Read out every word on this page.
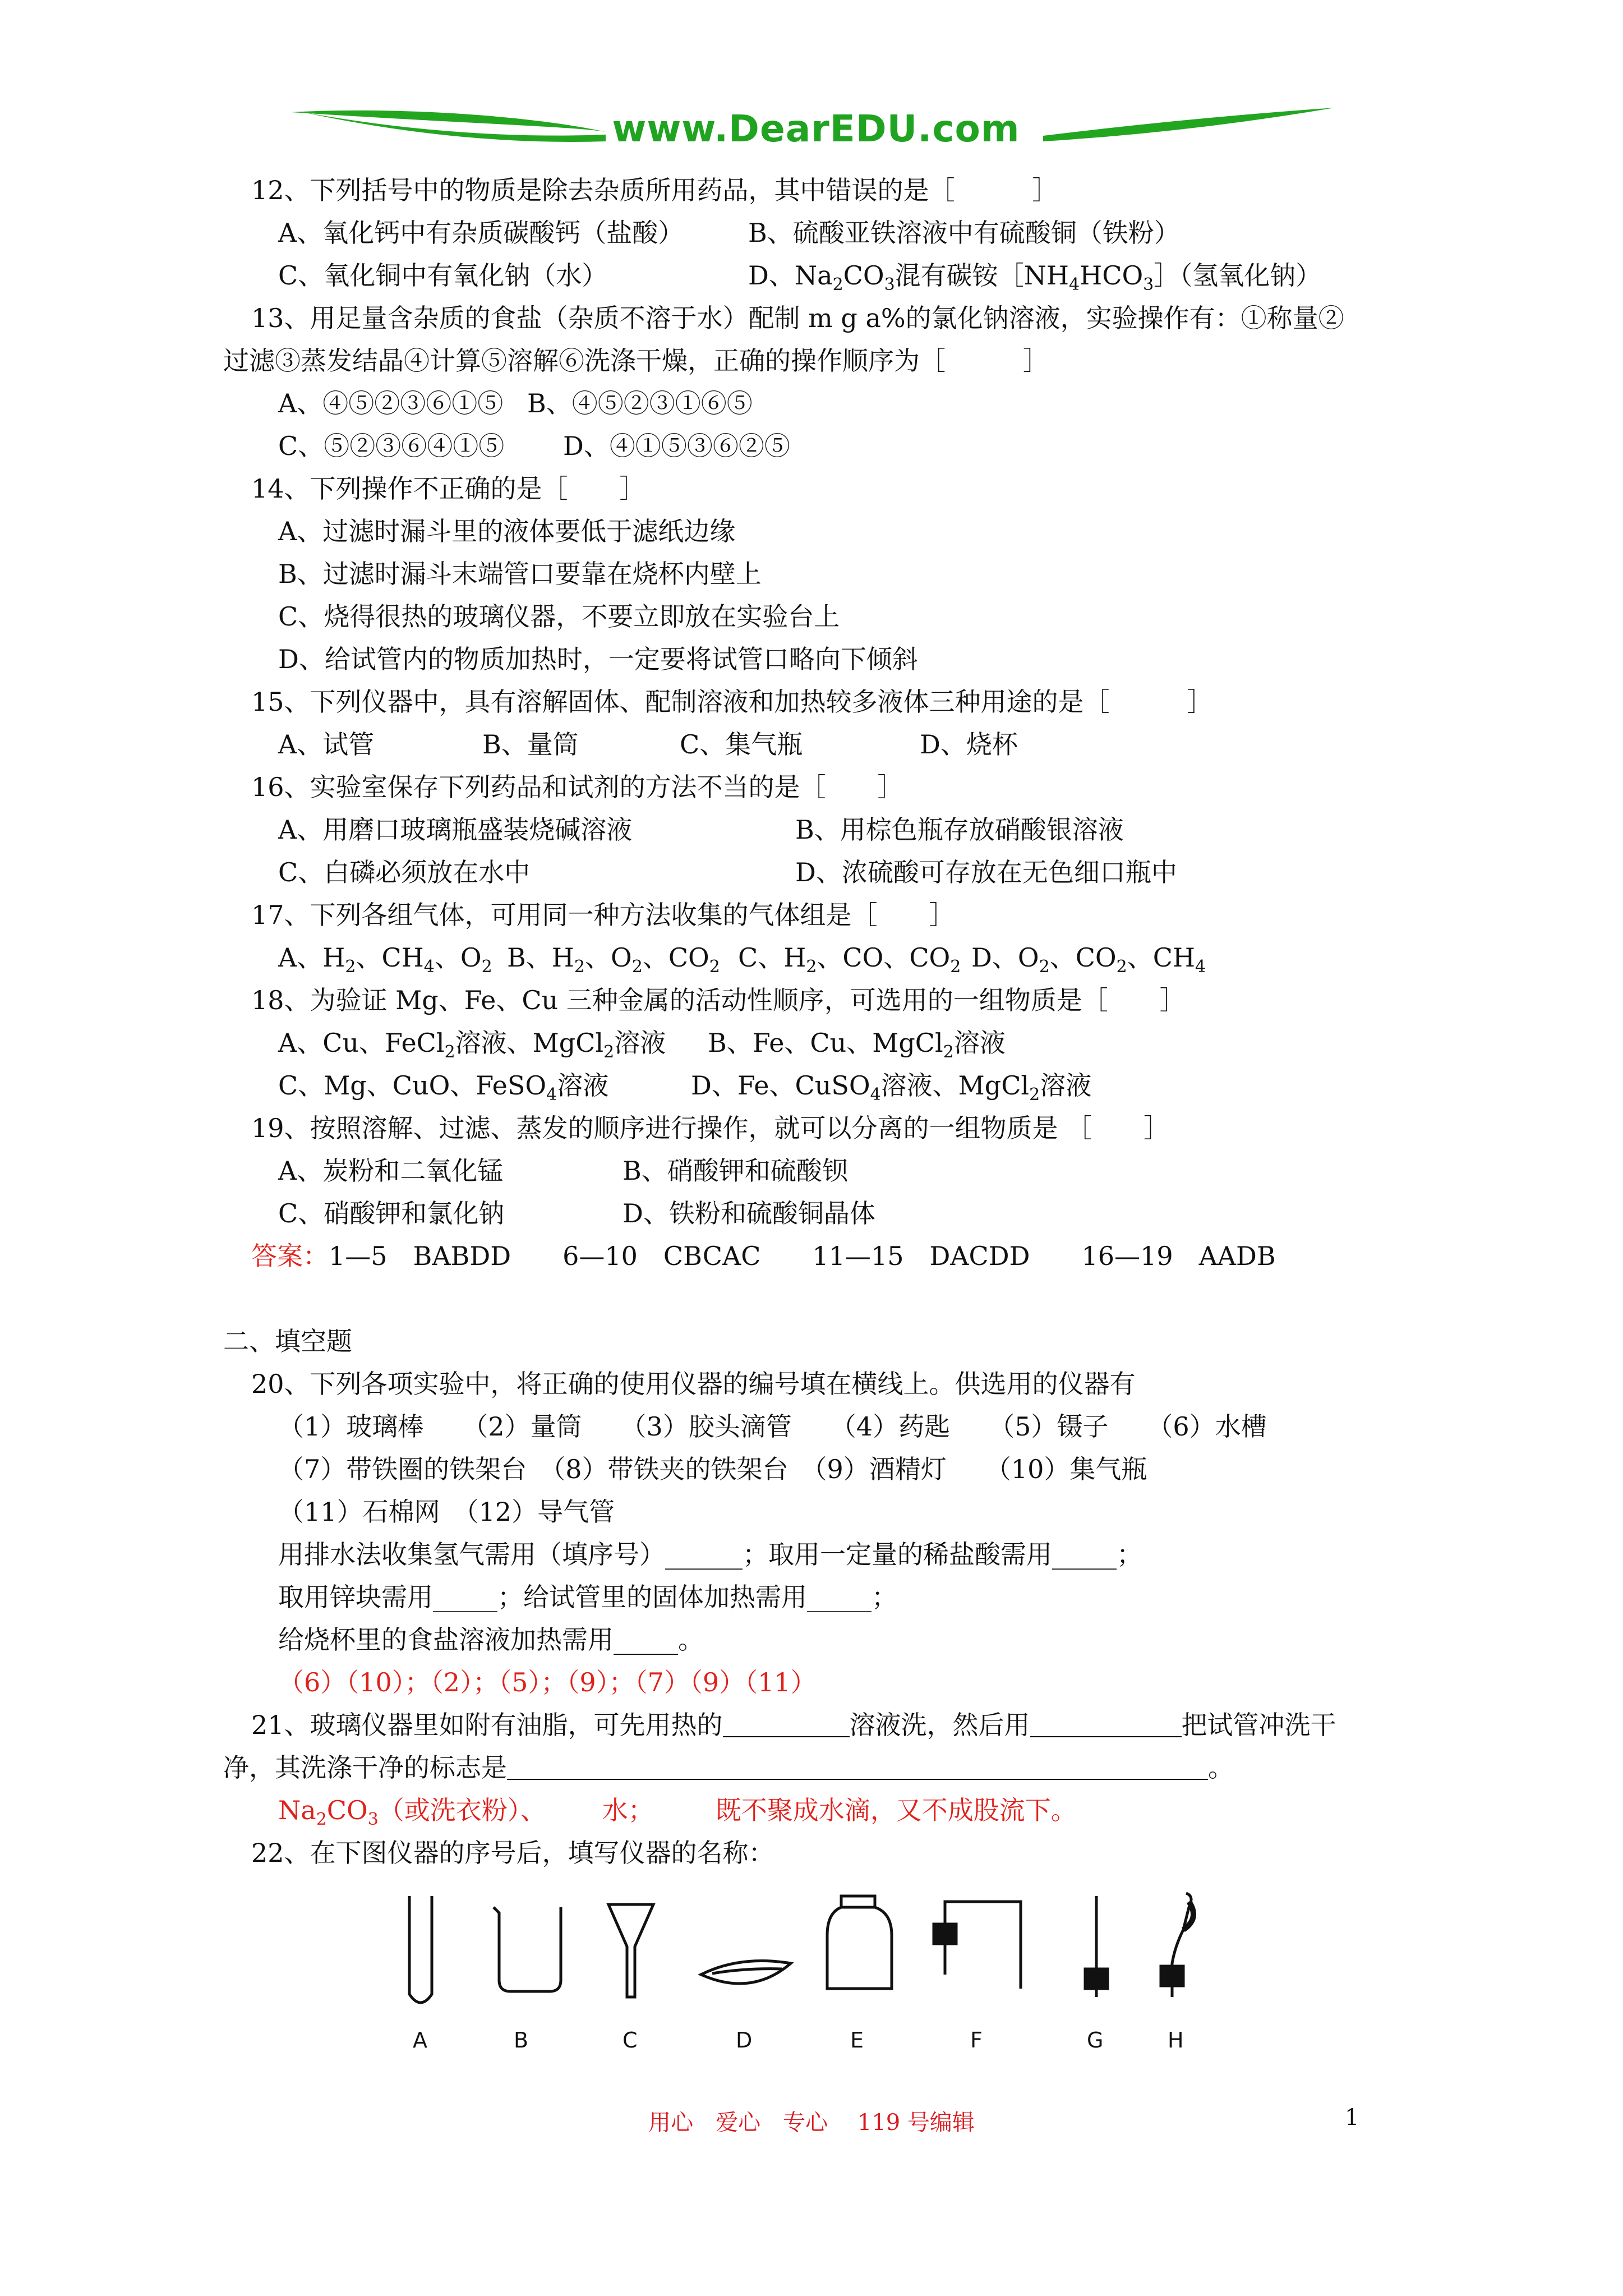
www.DearEDU.com
12、下列括号中的物质是除去杂质所用药品，其中错误的是［　　　］
A、氧化钙中有杂质碳酸钙（盐酸） B、硫酸亚铁溶液中有硫酸铜（铁粉）
C、氧化铜中有氧化钠（水）	D、$Na_2CO_3$混有碳铵$[NH_4HCO_3]$（氢氧化钠）
13、用足量含杂质的食盐（杂质不溶于水）配制 m g a%的氯化钠溶液，实验操作有：①称量②
过滤③蒸发结晶④计算⑤溶解⑥洗涤干燥，正确的操作顺序为［　　　］
A、④⑤②③⑥①⑤ B、④⑤②③①⑥⑤
C、⑤②③⑥④①⑤ D、④①⑤③⑥②⑤
14、下列操作不正确的是［　　］
A、过滤时漏斗里的液体要低于滤纸边缘
B、过滤时漏斗末端管口要靠在烧杯内壁上
C、烧得很热的玻璃仪器，不要立即放在实验台上
D、给试管内的物质加热时，一定要将试管口略向下倾斜
15、下列仪器中，具有溶解固体、配制溶液和加热较多液体三种用途的是［　　　］
A、试管	B、量筒	C、集气瓶	D、烧杯
16、实验室保存下列药品和试剂的方法不当的是［　　］
A、用磨口玻璃瓶盛装烧碱溶液	B、用棕色瓶存放硝酸银溶液
C、白磷必须放在水中	D、浓硫酸可存放在无色细口瓶中
17、下列各组气体，可用同一种方法收集的气体组是［　　］
A、$H_2$、$CH_4$、$O_2$ B、$H_2$、$O_2$、$CO_2$ C、$H_2$、CO、$CO_2$ D、$O_2$、$CO_2$、$CH_4$
18、为验证 Mg、Fe、Cu 三种金属的活动性顺序，可选用的一组物质是［　　］
A、Cu、FeCl$_2$溶液、MgCl$_2$溶液 B、Fe、Cu、MgCl$_2$溶液
C、Mg、CuO、FeSO$_4$溶液	D、Fe、CuSO$_4$溶液、MgCl$_2$溶液
19、按照溶解、过滤、蒸发的顺序进行操作，就可以分离的一组物质是 ［　　］
A、炭粉和二氧化锰	B、硝酸钾和硫酸钡
C、硝酸钾和氯化钠	D、铁粉和硫酸铜晶体
答案：1—5　BABDD　　6—10　CBCAC　　11—15　DACDD　　16—19　AADB
二、填空题
20、下列各项实验中，将正确的使用仪器的编号填在横线上。供选用的仪器有
（1）玻璃棒　　（2）量筒　　（3）胶头滴管　　（4）药匙　　（5）镊子　　（6）水槽
（7）带铁圈的铁架台　（8）带铁夹的铁架台　（9）酒精灯　　（10）集气瓶
（11）石棉网　（12）导气管
用排水法收集氢气需用（填序号）______；取用一定量的稀盐酸需用_____；
取用锌块需用_____；给试管里的固体加热需用_____；
给烧杯里的食盐溶液加热需用_____。
（6）（10）；（2）；（5）；（9）；（7）（9）（11）
21、玻璃仪器里如附有油脂，可先用热的	溶液洗，然后用	把试管冲洗干
净，其洗涤干净的标志是	。
$Na_2CO_3$（或洗衣粉）、 水； 既不聚成水滴，又不成股流下。
22、在下图仪器的序号后，填写仪器的名称：
A	B	C	D	E	F	G	H
用心　爱心　专心　 119 号编辑	1
